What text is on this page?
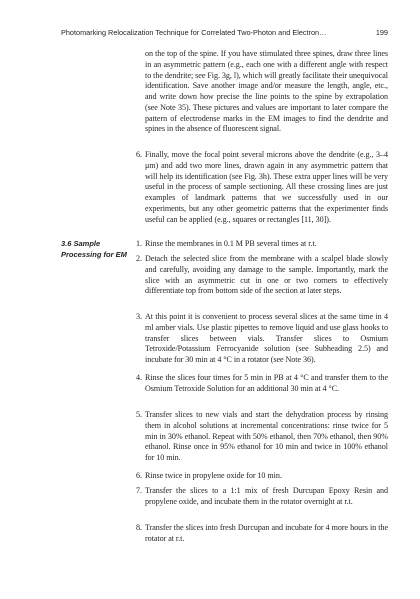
Photomarking Relocalization Technique for Correlated Two-Photon and Electron…	199
on the top of the spine. If you have stimulated three spines, draw three lines in an asymmetric pattern (e.g., each one with a different angle with respect to the dendrite; see Fig. 3g, l), which will greatly facilitate their unequivocal identification. Save another image and/or measure the length, angle, etc., and write down how precise the line points to the spine by extrapolation (see Note 35). These pictures and values are important to later compare the pattern of electrodense marks in the EM images to find the dendrite and spines in the absence of fluorescent signal.
6. Finally, move the focal point several microns above the dendrite (e.g., 3–4 μm) and add two more lines, drawn again in any asymmetric pattern that will help its identification (see Fig. 3h). These extra upper lines will be very useful in the process of sample sectioning. All these crossing lines are just examples of landmark patterns that we successfully used in our experiments, but any other geometric patterns that the experimenter finds useful can be applied (e.g., squares or rectangles [11, 30]).
3.6 Sample
Processing for EM
1. Rinse the membranes in 0.1 M PB several times at r.t.
2. Detach the selected slice from the membrane with a scalpel blade slowly and carefully, avoiding any damage to the sample. Importantly, mark the slice with an asymmetric cut in one or two corners to effectively differentiate top from bottom side of the section at later steps.
3. At this point it is convenient to process several slices at the same time in 4 ml amber vials. Use plastic pipettes to remove liquid and use glass hooks to transfer slices between vials. Transfer slices to Osmium Tetroxide/Potassium Ferrocyanide solution (see Subheading 2.5) and incubate for 30 min at 4 °C in a rotator (see Note 36).
4. Rinse the slices four times for 5 min in PB at 4 °C and transfer them to the Osmium Tetroxide Solution for an additional 30 min at 4 °C.
5. Transfer slices to new vials and start the dehydration process by rinsing them in alcohol solutions at incremental concentrations: rinse twice for 5 min in 30% ethanol. Repeat with 50% ethanol, then 70% ethanol, then 90% ethanol. Rinse once in 95% ethanol for 10 min and twice in 100% ethanol for 10 min.
6. Rinse twice in propylene oxide for 10 min.
7. Transfer the slices to a 1:1 mix of fresh Durcupan Epoxy Resin and propylene oxide, and incubate them in the rotator overnight at r.t.
8. Transfer the slices into fresh Durcupan and incubate for 4 more hours in the rotator at r.t.
